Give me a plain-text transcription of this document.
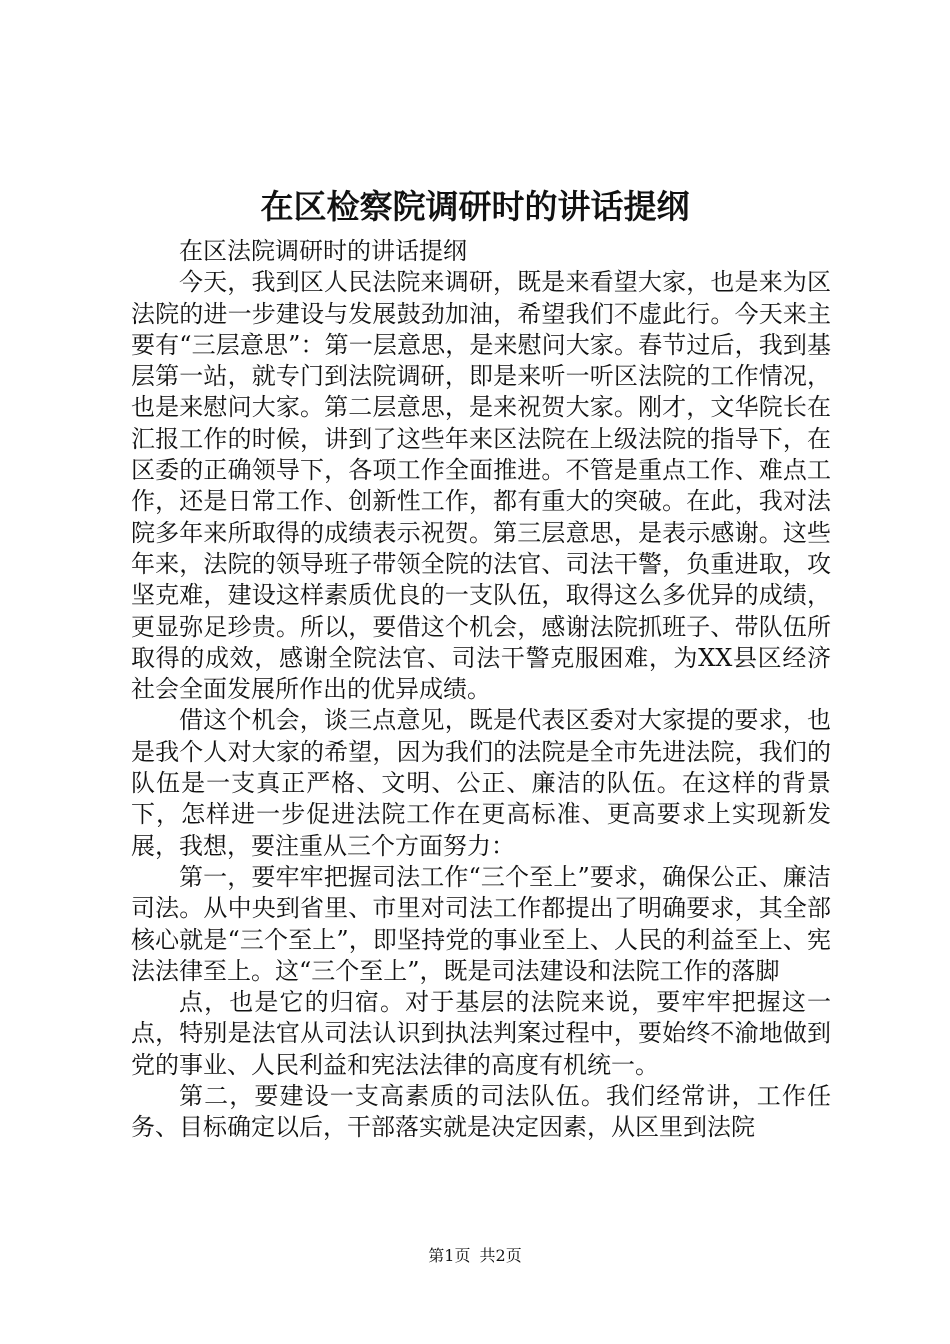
在区检察院调研时的讲话提纲

在区法院调研时的讲话提纲

今天，我到区人民法院来调研，既是来看望大家，也是来为区法院的进一步建设与发展鼓劲加油，希望我们不虚此行。今天来主要有“三层意思”：第一层意思，是来慰问大家。春节过后，我到基层第一站，就专门到法院调研，即是来听一听区法院的工作情况，也是来慰问大家。第二层意思，是来祝贺大家。刚才，文华院长在汇报工作的时候，讲到了这些年来区法院在上级法院的指导下，在区委的正确领导下，各项工作全面推进。不管是重点工作、难点工作，还是日常工作、创新性工作，都有重大的突破。在此，我对法院多年来所取得的成绩表示祝贺。第三层意思，是表示感谢。这些年来，法院的领导班子带领全院的法官、司法干警，负重进取，攻坚克难，建设这样素质优良的一支队伍，取得这么多优异的成绩，更显弥足珍贵。所以，要借这个机会，感谢法院抓班子、带队伍所取得的成效，感谢全院法官、司法干警克服困难，为XX县区经济社会全面发展所作出的优异成绩。

借这个机会，谈三点意见，既是代表区委对大家提的要求，也是我个人对大家的希望，因为我们的法院是全市先进法院，我们的队伍是一支真正严格、文明、公正、廉洁的队伍。在这样的背景下，怎样进一步促进法院工作在更高标准、更高要求上实现新发展，我想，要注重从三个方面努力：

第一，要牢牢把握司法工作“三个至上”要求，确保公正、廉洁司法。从中央到省里、市里对司法工作都提出了明确要求，其全部核心就是“三个至上”，即坚持党的事业至上、人民的利益至上、宪法法律至上。这“三个至上”，既是司法建设和法院工作的落脚

点，也是它的归宿。对于基层的法院来说，要牢牢把握这一点，特别是法官从司法认识到执法判案过程中，要始终不渝地做到党的事业、人民利益和宪法法律的高度有机统一。

第二，要建设一支高素质的司法队伍。我们经常讲，工作任务、目标确定以后，干部落实就是决定因素，从区里到法院

第1页 共2页
